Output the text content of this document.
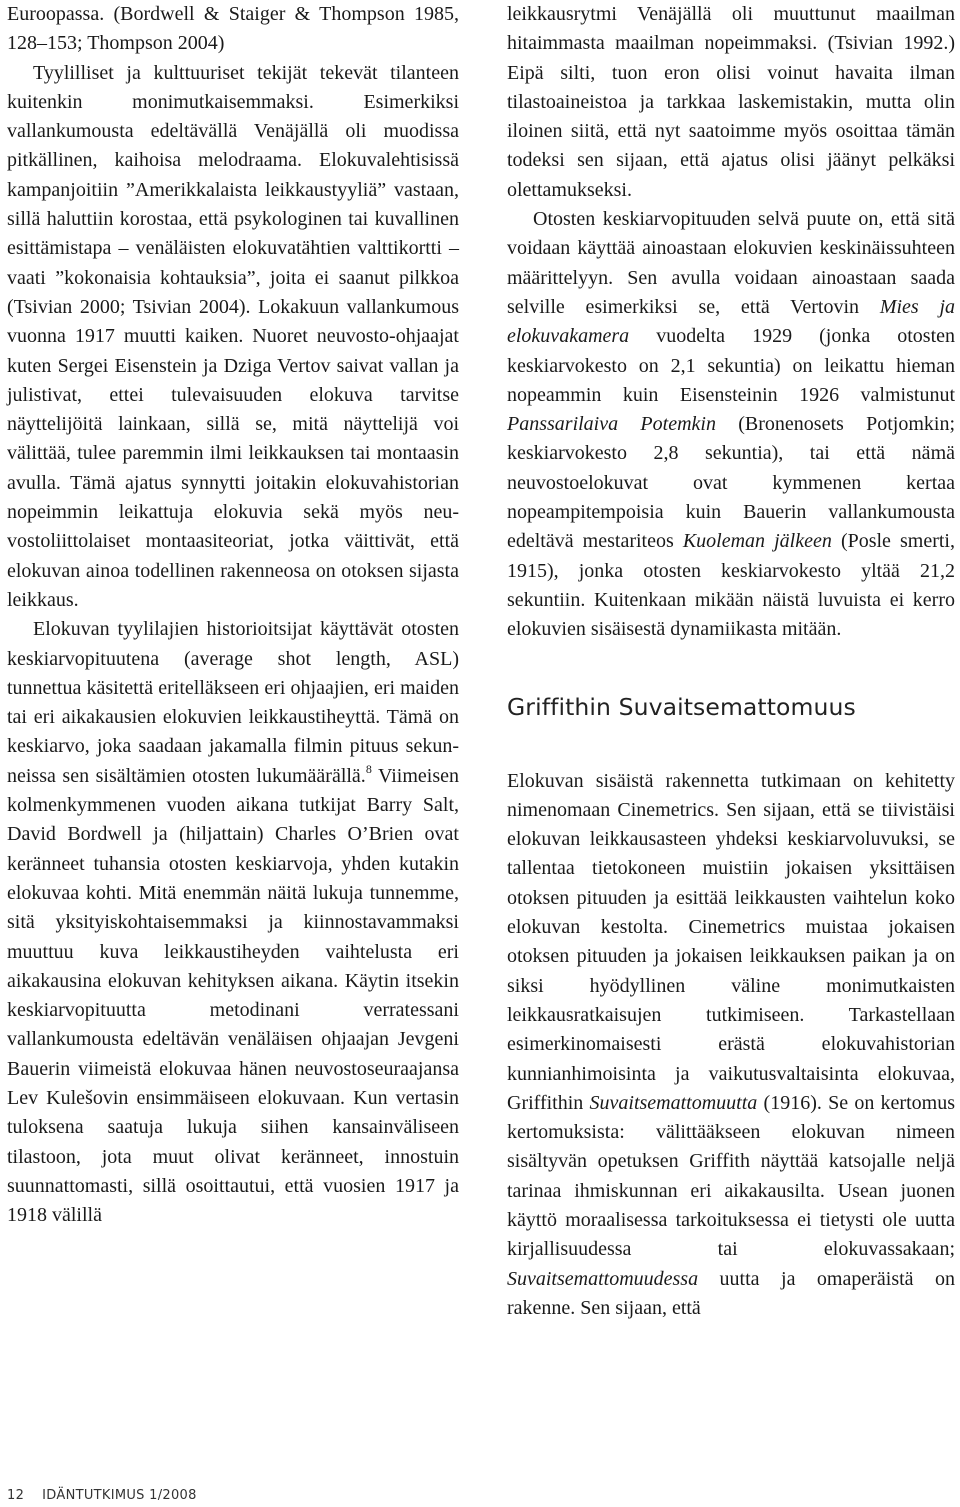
Euroopassa. (Bordwell & Staiger & Thompson 1985, 128–153; Thompson 2004)

Tyylilliset ja kulttuuriset tekijät tekevät tilanteen kuitenkin monimutkaisemmaksi. Esimerkiksi vallankumousta edeltävällä Venäjällä oli muodissa pitkällinen, kaihoisa melodraama. Elokuvalehtisissä kampanjoitiin ”Amerikkalaista leikkaustyyliä” vastaan, sillä haluttiin korostaa, että psykologinen tai kuvallinen esittämistapa – venäläisten elokuvatähtien valttikortti – vaati ”kokonaisia kohtauksia”, joita ei saanut pilkkoa (Tsivian 2000; Tsivian 2004). Lokakuun vallankumous vuonna 1917 muutti kaiken. Nuoret neuvosto-ohjaajat kuten Sergei Eisenstein ja Dziga Vertov saivat vallan ja julistivat, ettei tulevaisuuden elokuva tarvitse näyttelijöitä lainkaan, sillä se, mitä näyttelijä voi välittää, tulee paremmin ilmi leikkauksen tai montaasin avulla. Tämä ajatus synnytti joitakin elokuvahistorian nopeimmin leikattuja elokuvia sekä myös neuvostoliittolaiset montaasiteoriat, jotka väittivät, että elokuvan ainoa todellinen rakenneosa on otoksen sijasta leikkaus.

Elokuvan tyylilajien historioitsijat käyttävät otosten keskiarvopituutena (average shot length, ASL) tunnettua käsitettä eritelläkseen eri ohjaajien, eri maiden tai eri aikakausien elokuvien leikkaustiheyttä. Tämä on keskiarvo, joka saadaan jakamalla filmin pituus sekunneissa sen sisältämien otosten lukumäärällä.$^8$ Viimeisen kolmenkymmenen vuoden aikana tutkijat Barry Salt, David Bordwell ja (hiljattain) Charles O’Brien ovat keränneet tuhansia otosten keskiarvoja, yhden kutakin elokuvaa kohti. Mitä enemmän näitä lukuja tunnemme, sitä yksityiskohtaisemmaksi ja kiinnostavammaksi muuttuu kuva leikkaustiheyden vaihtelusta eri aikakausina elokuvan kehityksen aikana. Käytin itsekin keskiarvopituutta metodinani verratessani vallankumousta edeltävän venäläisen ohjaajan Jevgeni Bauerin viimeistä elokuvaa hänen neuvostoseuraajansa Lev Kulešovin ensimmäiseen elokuvaan. Kun vertasin tuloksena saatuja lukuja siihen kansainväliseen tilastoon, jota muut olivat keränneet, innostuin suunnattomasti, sillä osoittautui, että vuosien 1917 ja 1918 välillä

leikkausrytmi Venäjällä oli muuttunut maailman hitaimmasta maailman nopeimmaksi. (Tsivian 1992.) Eipä silti, tuon eron olisi voinut havaita ilman tilastoaineistoa ja tarkkaa laskemistakin, mutta olin iloinen siitä, että nyt saatoimme myös osoittaa tämän todeksi sen sijaan, että ajatus olisi jäänyt pelkäksi olettamukseksi.

Otosten keskiarvopituuden selvä puute on, että sitä voidaan käyttää ainoastaan elokuvien keskinäissuhteen määrittelyyn. Sen avulla voidaan ainoastaan saada selville esimerkiksi se, että Vertovin Mies ja elokuvakamera vuodelta 1929 (jonka otosten keskiarvokesto on 2,1 sekuntia) on leikattu hieman nopeammin kuin Eisensteinin 1926 valmistunut Panssarilaiva Potemkin (Bronenosets Potjomkin; keskiarvokesto 2,8 sekuntia), tai että nämä neuvostoelokuvat ovat kymmenen kertaa nopeampitempoisia kuin Bauerin vallankumousta edeltävä mestariteos Kuoleman jälkeen (Posle smerti, 1915), jonka otosten keskiarvokesto yltää 21,2 sekuntiin. Kuitenkaan mikään näistä luvuista ei kerro elokuvien sisäisestä dynamiikasta mitään.

Griffithin Suvaitsemattomuus

Elokuvan sisäistä rakennetta tutkimaan on kehitetty nimenomaan Cinemetrics. Sen sijaan, että se tiivistäisi elokuvan leikkausasteen yhdeksi keskiarvoluvuksi, se tallentaa tietokoneen muistiin jokaisen yksittäisen otoksen pituuden ja esittää leikkausten vaihtelun koko elokuvan kestolta. Cinemetrics muistaa jokaisen otoksen pituuden ja jokaisen leikkauksen paikan ja on siksi hyödyllinen väline monimutkaisten leikkausratkaisujen tutkimiseen. Tarkastellaan esimerkinomaisesti erästä elokuvahistorian kunnianhimoisinta ja vaikutusvaltaisinta elokuvaa, Griffithin Suvaitsemattomuutta (1916). Se on kertomus kertomuksista: välittääkseen elokuvan nimeen sisältyvän opetuksen Griffith näyttää katsojalle neljä tarinaa ihmiskunnan eri aikakausilta. Usean juonen käyttö moraalisessa tarkoituksessa ei tietysti ole uutta kirjallisuudessa tai elokuvassakaan; Suvaitsemattomuudessa uutta ja omaperäistä on rakenne. Sen sijaan, että

12 IDÄNTUTKIMUS 1/2008
